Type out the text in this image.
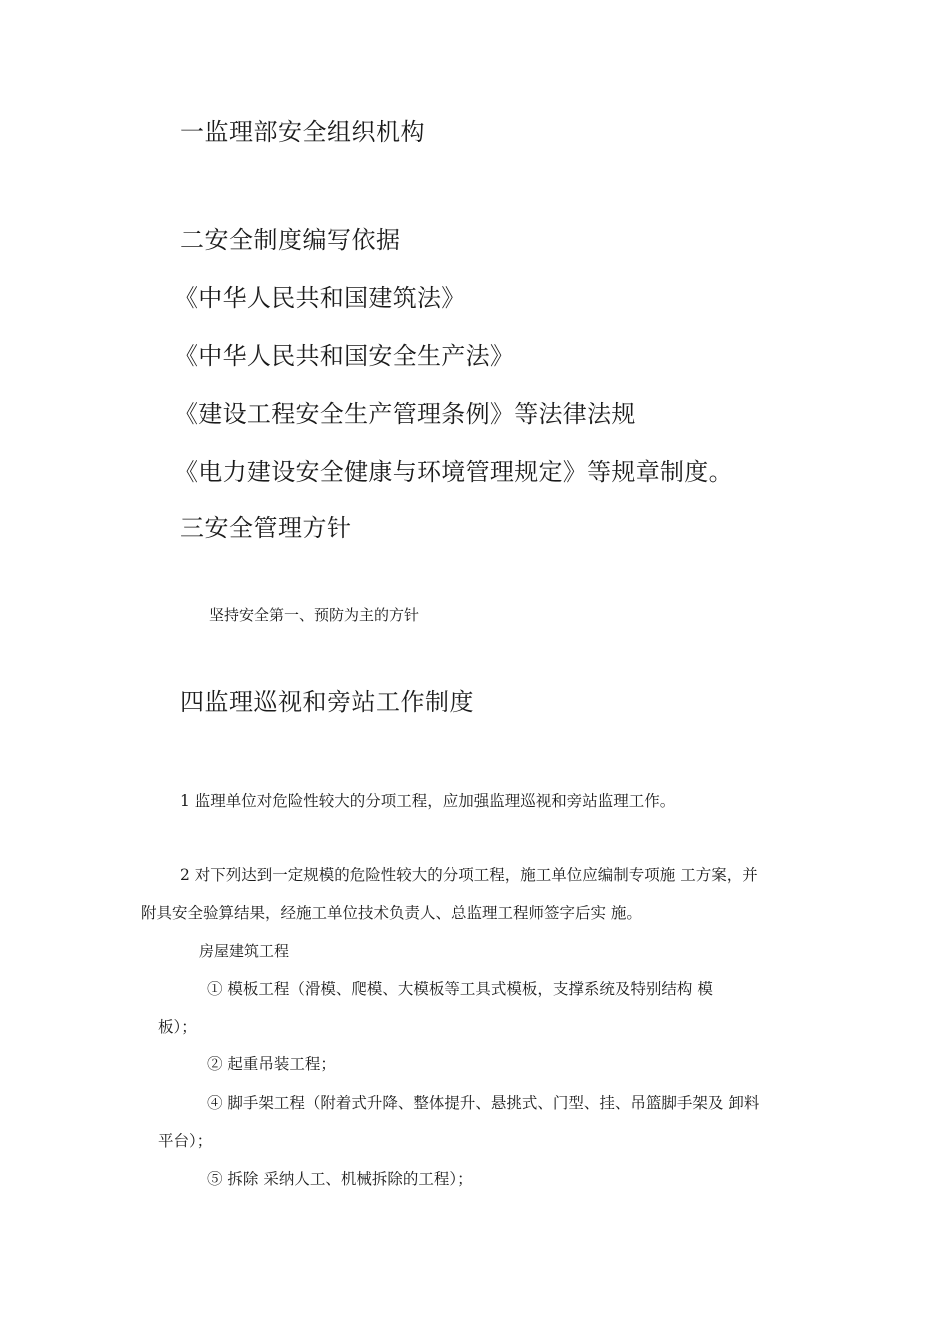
一监理部安全组织机构

二安全制度编写依据

《中华人民共和国建筑法》

《中华人民共和国安全生产法》

《建设工程安全生产管理条例》等法律法规

《电力建设安全健康与环境管理规定》等规章制度。

三安全管理方针

坚持安全第一、预防为主的方针

四监理巡视和旁站工作制度

1 监理单位对危险性较大的分项工程，应加强监理巡视和旁站监理工作。

2 对下列达到一定规模的危险性较大的分项工程，施工单位应编制专项施 工方案，并

附具安全验算结果，经施工单位技术负责人、总监理工程师签字后实 施。

房屋建筑工程

① 模板工程（滑模、爬模、大模板等工具式模板，支撑系统及特别结构 模

板）；

② 起重吊装工程；

④ 脚手架工程（附着式升降、整体提升、悬挑式、门型、挂、吊篮脚手架及 卸料

平台）；

⑤ 拆除 采纳人工、机械拆除的工程）；
